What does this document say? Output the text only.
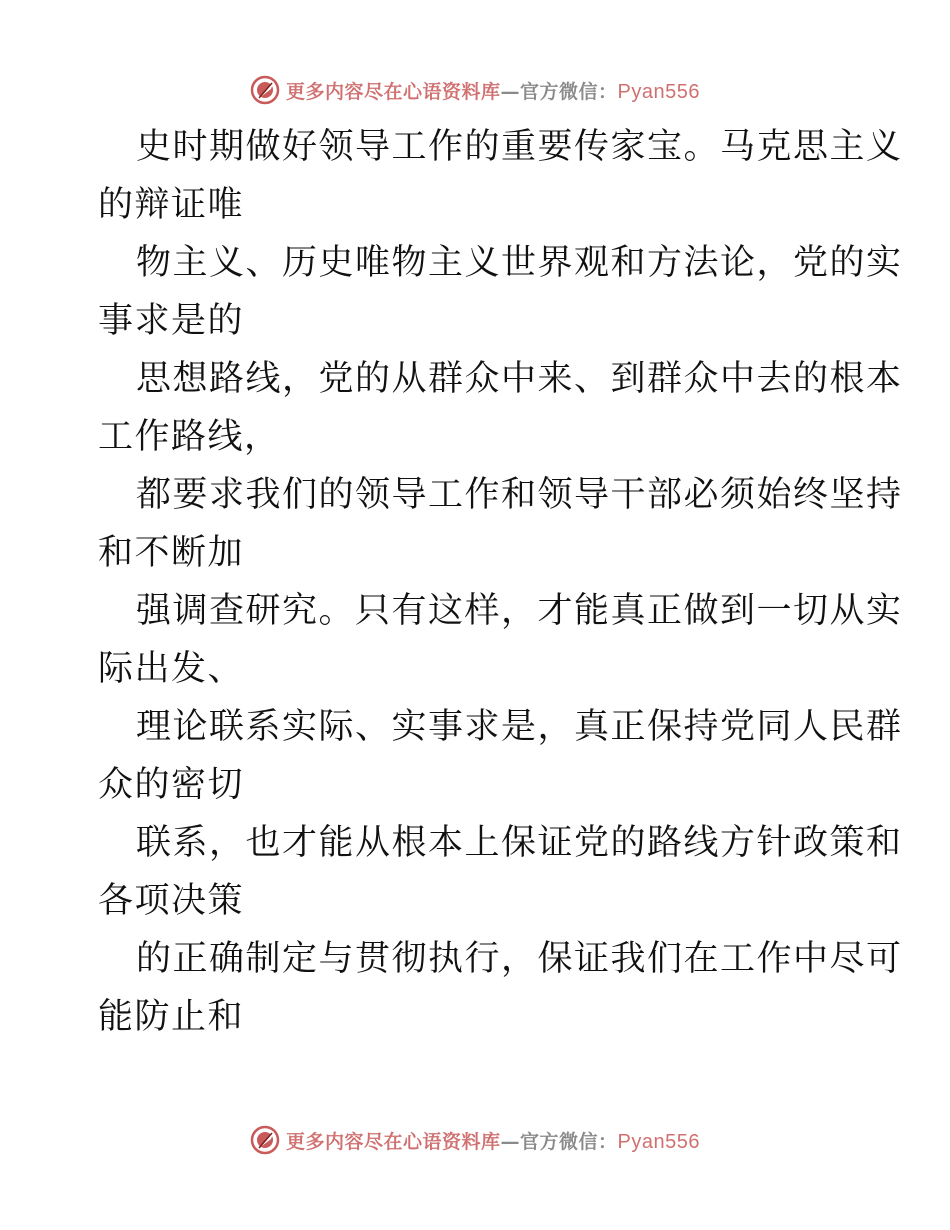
更多内容尽在心语资料库—官方微信：Pyan556
史时期做好领导工作的重要传家宝。马克思主义
的辩证唯
物主义、历史唯物主义世界观和方法论，党的实
事求是的
思想路线，党的从群众中来、到群众中去的根本
工作路线，
都要求我们的领导工作和领导干部必须始终坚持
和不断加
强调查研究。只有这样，才能真正做到一切从实
际出发、
理论联系实际、实事求是，真正保持党同人民群
众的密切
联系，也才能从根本上保证党的路线方针政策和
各项决策
的正确制定与贯彻执行，保证我们在工作中尽可
能防止和
更多内容尽在心语资料库—官方微信：Pyan556
